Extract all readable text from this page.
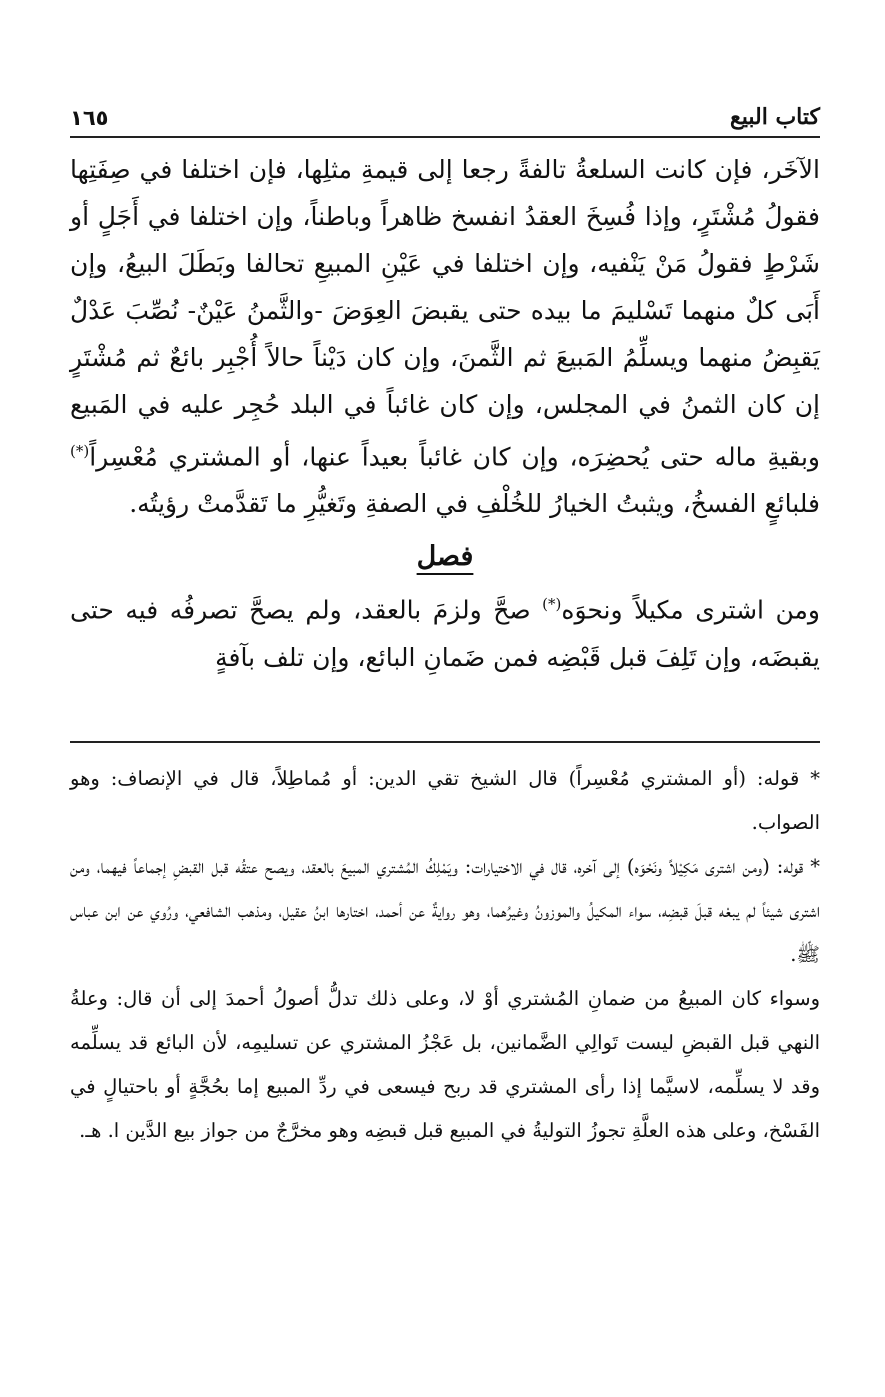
كتاب البيع
١٦٥

الآخَر، فإن كانت السلعةُ تالفةً رجعا إلى قيمةِ مثلِها، فإن اختلفا في صِفَتِها فقولُ مُشْتَرٍ، وإذا فُسِخَ العقدُ انفسخ ظاهراً وباطناً، وإن اختلفا في أَجَلٍ أو شَرْطٍ فقولُ مَنْ يَنْفيه، وإن اختلفا في عَيْنِ المبيعِ تحالفا وبَطَلَ البيعُ، وإن أَبَى كلٌ منهما تَسْليمَ ما بيده حتى يقبضَ العِوَضَ -والثَّمنُ عَيْنٌ- نُصِّبَ عَدْلٌ يَقبِضُ منهما ويسلِّمُ المَبيعَ ثم الثَّمنَ، وإن كان دَيْناً حالاً أُجْبِر بائعٌ ثم مُشْتَرٍ إن كان الثمنُ في المجلس، وإن كان غائباً في البلد حُجِر عليه في المَبيع وبقيةِ ماله حتى يُحضِرَه، وإن كان غائباً بعيداً عنها، أو المشتري مُعْسِراً(*) فلبائعٍ الفسخُ، ويثبتُ الخيارُ للخُلْفِ في الصفةِ وتَغيُّرِ ما تَقدَّمتْ رؤيتُه.

فصل

ومن اشترى مكيلاً ونحوَه(*) صحَّ ولزمَ بالعقد، ولم يصحَّ تصرفُه فيه حتى يقبضَه، وإن تَلِفَ قبل قَبْضِه فمن ضَمانِ البائع، وإن تلف بآفةٍ

* قوله: (أو المشتري مُعْسِراً) قال الشيخ تقي الدين: أو مُماطِلاً، قال في الإنصاف: وهو الصواب.

* قوله: (ومن اشترى مَكِيْلاً ونَحْوَه) إلى آخره، قال في الاختيارات: ويَمْلِكُ المُشتري المبيعَ بالعقد، ويصح عتقُه قبل القبضِ إجماعاً فيهما، ومن اشترى شيئاً لم يبعْه قبلَ قبضِه، سواء المكيلُ والموزونُ وغيرُهما، وهو روايةٌ عن أحمد، اختارها ابنُ عقيل، ومذهب الشافعي، ورُوي عن ابن عباس ﷺ.

وسواء كان المبيعُ من ضمانِ المُشتري أوْ لا، وعلى ذلك تدلُّ أصولُ أحمدَ إلى أن قال: وعلةُ النهي قبل القبضِ ليست تَوالِي الضَّمانين، بل عَجْزُ المشتري عن تسليمِه، لأن البائع قد يسلِّمه وقد لا يسلِّمه، لاسيَّما إذا رأى المشتري قد ربح فيسعى في ردِّ المبيع إما بحُجَّةٍ أو باحتيالٍ في الفَسْخ، وعلى هذه العلَّةِ تجوزُ التوليةُ في المبيع قبل قبضِه وهو مخرَّجٌ من جواز بيع الدَّين ا. هـ.
